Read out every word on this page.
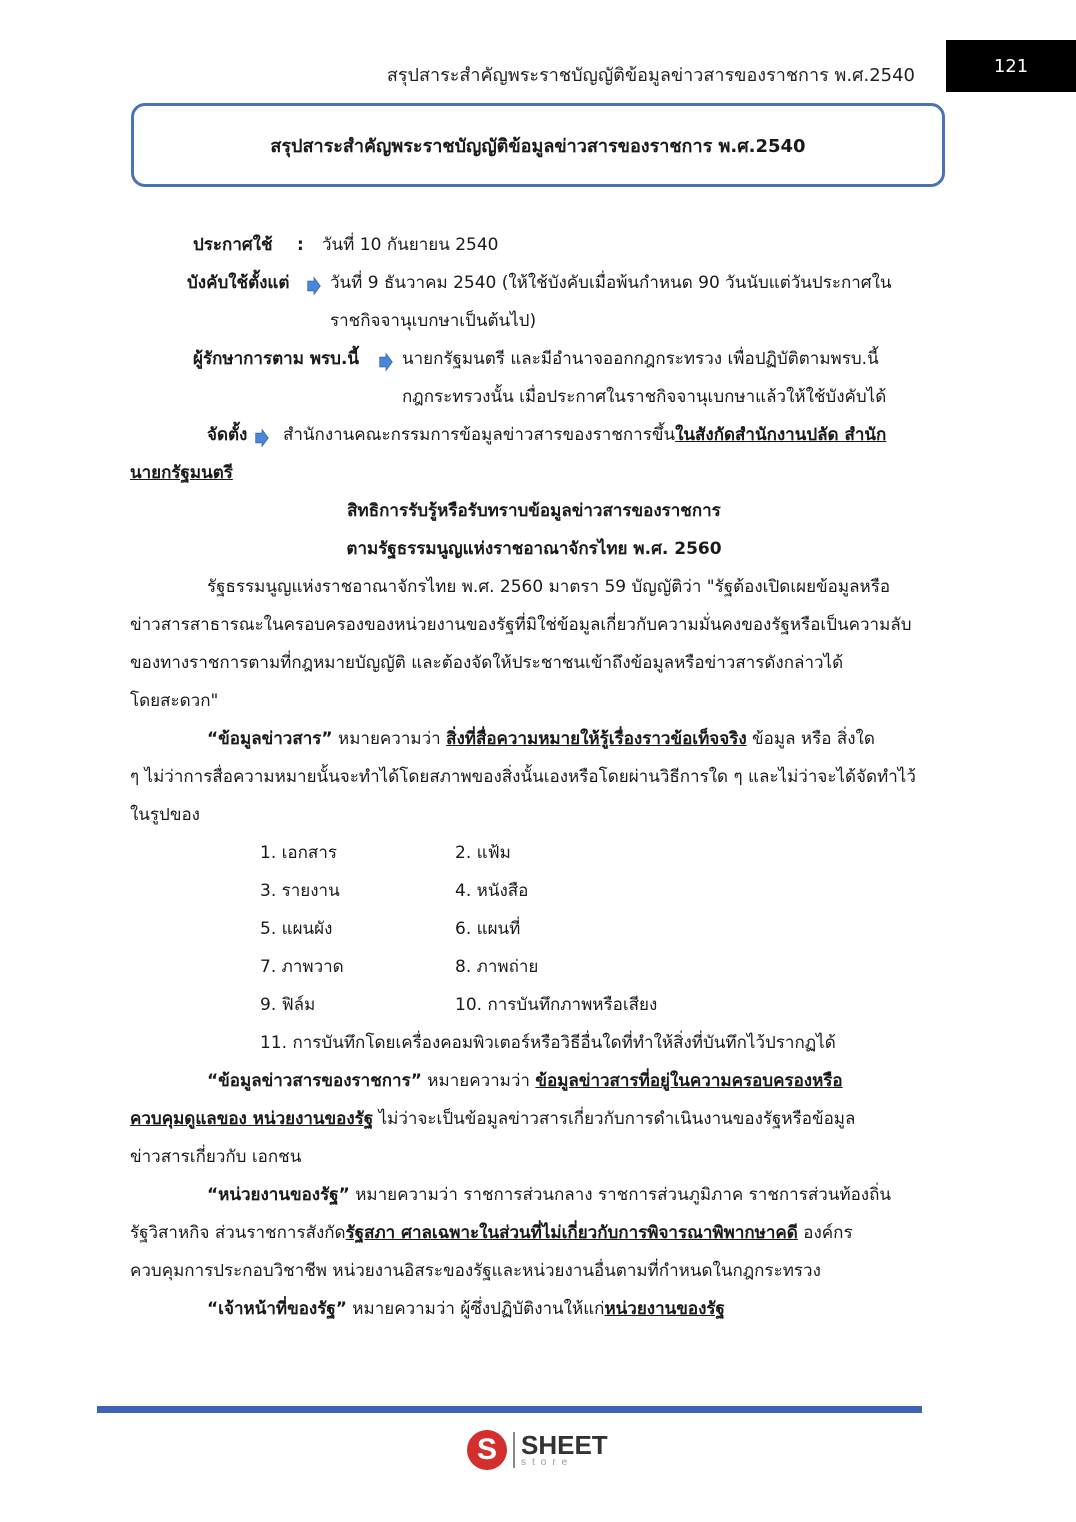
สรุปสาระสำคัญพระราชบัญญัติข้อมูลข่าวสารของราชการ พ.ศ.2540	121
สรุปสาระสำคัญพระราชบัญญัติข้อมูลข่าวสารของราชการ พ.ศ.2540
ประกาศใช้ : วันที่ 10 กันยายน 2540
บังคับใช้ตั้งแต่ วันที่ 9 ธันวาคม 2540 (ให้ใช้บังคับเมื่อพ้นกำหนด 90 วันนับแต่วันประกาศใน
ราชกิจจานุเบกษาเป็นต้นไป)
ผู้รักษาการตาม พรบ.นี้	นายกรัฐมนตรี และมีอำนาจออกกฎกระทรวง เพื่อปฏิบัติตามพรบ.นี้
กฎกระทรวงนั้น เมื่อประกาศในราชกิจจานุเบกษาแล้วให้ใช้บังคับได้
จัดตั้ง สำนักงานคณะกรรมการข้อมูลข่าวสารของราชการขึ้นในสังกัดสำนักงานปลัด สำนัก
นายกรัฐมนตรี
สิทธิการรับรู้หรือรับทราบข้อมูลข่าวสารของราชการ
ตามรัฐธรรมนูญแห่งราชอาณาจักรไทย พ.ศ. 2560
รัฐธรรมนูญแห่งราชอาณาจักรไทย พ.ศ. 2560 มาตรา 59 บัญญัติว่า "รัฐต้องเปิดเผยข้อมูลหรือ
ข่าวสารสาธารณะในครอบครองของหน่วยงานของรัฐที่มิใช่ข้อมูลเกี่ยวกับความมั่นคงของรัฐหรือเป็นความลับ
ของทางราชการตามที่กฎหมายบัญญัติ และต้องจัดให้ประชาชนเข้าถึงข้อมูลหรือข่าวสารดังกล่าวได้
โดยสะดวก"
“ข้อมูลข่าวสาร” หมายความว่า สิ่งที่สื่อความหมายให้รู้เรื่องราวข้อเท็จจริง ข้อมูล หรือ สิ่งใด
ๆ ไม่ว่าการสื่อความหมายนั้นจะทำได้โดยสภาพของสิ่งนั้นเองหรือโดยผ่านวิธีการใด ๆ และไม่ว่าจะได้จัดทำไว้
ในรูปของ
1. เอกสาร	2. แฟ้ม
3. รายงาน	4. หนังสือ
5. แผนผัง	6. แผนที่
7. ภาพวาด	8. ภาพถ่าย
9. ฟิล์ม	10. การบันทึกภาพหรือเสียง
11. การบันทึกโดยเครื่องคอมพิวเตอร์หรือวิธีอื่นใดที่ทำให้สิ่งที่บันทึกไว้ปรากฏได้
“ข้อมูลข่าวสารของราชการ” หมายความว่า ข้อมูลข่าวสารที่อยู่ในความครอบครองหรือ
ควบคุมดูแลของ หน่วยงานของรัฐ ไม่ว่าจะเป็นข้อมูลข่าวสารเกี่ยวกับการดำเนินงานของรัฐหรือข้อมูล
ข่าวสารเกี่ยวกับ เอกชน
“หน่วยงานของรัฐ” หมายความว่า ราชการส่วนกลาง ราชการส่วนภูมิภาค ราชการส่วนท้องถิ่น
รัฐวิสาหกิจ ส่วนราชการสังกัดรัฐสภา ศาลเฉพาะในส่วนที่ไม่เกี่ยวกับการพิจารณาพิพากษาคดี องค์กร
ควบคุมการประกอบวิชาชีพ หน่วยงานอิสระของรัฐและหน่วยงานอื่นตามที่กำหนดในกฎกระทรวง
“เจ้าหน้าที่ของรัฐ” หมายความว่า ผู้ซึ่งปฏิบัติงานให้แก่หน่วยงานของรัฐ
S SHEET
store
